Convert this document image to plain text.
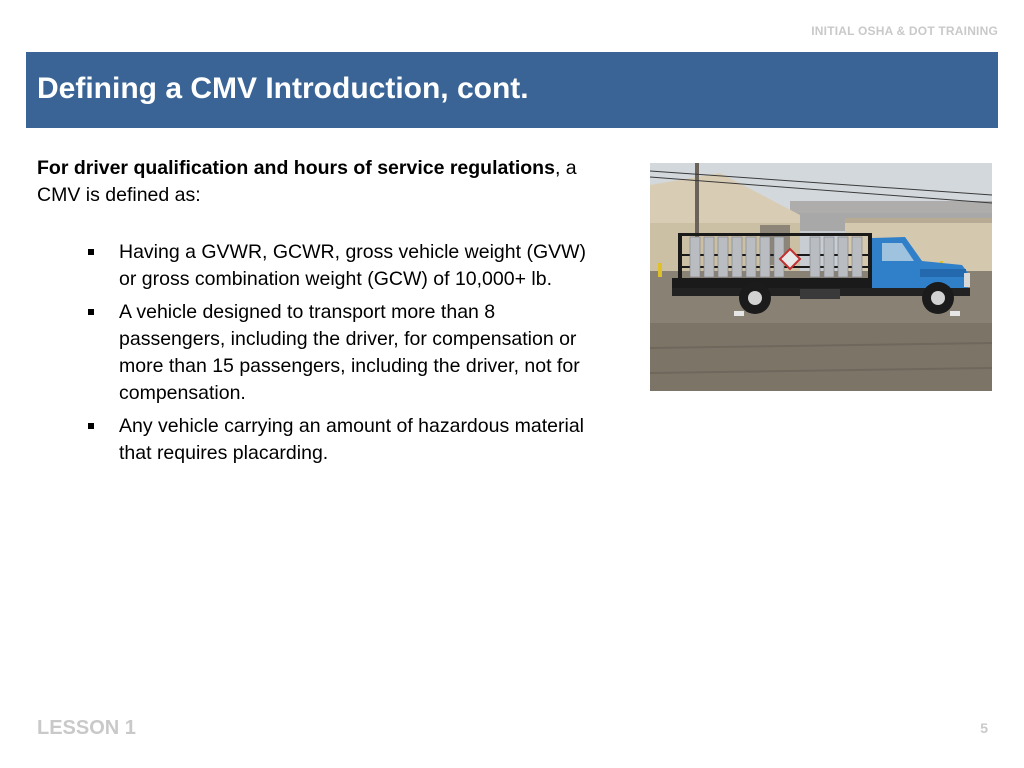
INITIAL OSHA & DOT TRAINING
Defining a CMV Introduction, cont.

For driver qualification and hours of service regulations, a CMV is defined as:

Having a GVWR, GCWR, gross vehicle weight (GVW) or gross combination weight (GCW) of 10,000+ lb.
A vehicle designed to transport more than 8 passengers, including the driver, for compensation or more than 15 passengers, including the driver, not for compensation.
Any vehicle carrying an amount of hazardous material that requires placarding.
LESSON 1	5
